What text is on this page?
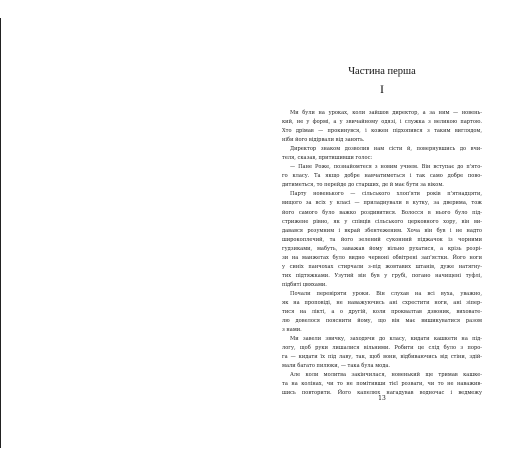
Частина перша
I
Ми були на уроках, коли зайшов директор, а за ним — новень-
кий, не у формі, а у звичайному одязі, і служка з великою партою.
Хто дрімав — прокинувся, і кожен підхопився з таким виглядом,
ніби його відірвали від занять.
Директор знаком дозволив нам сісти й, повернувшись до вчи-
теля, сказав, притишивши голос:
— Пане Роже, познайомтеся з новим учнем. Він вступає до п'ято-
го класу. Та якщо добре навчатиметься і так само добре пово-
дитиметься, то перейде до старших, де й має бути за віком.
Парту новенького — сільського хлоп'яти років п'ятнадцяти,
вищого за всіх у класі — приладнували в кутку, за дверима, тож
його самого було важко роздивитися. Волосся в нього було під-
стрижене рівно, як у співців сільського церковного хору, він ви-
давався розумним і вкрай збентеженим. Хоча він був і не надто
широкоплечий, та його зелений суконний піджачок із чорними
гудзиками, мабуть, заважав йому вільно рухатися, а крізь розрі-
зи на манжетах було видно червоні обвітрені зап'ястки. Його ноги
у синіх панчохах стирчали з-під жовтавих штанів, дуже натягну-
тих підтяжками. Узутий він був у грубі, погано начищені туфлі,
підбиті цвяхами.
Почали перевіряти уроки. Він слухав на всі вуха, уважно,
як на проповіді, не наважуючись ані схрестити ноги, ані зіпер-
тися на лікті, а о другій, коли проквалтав дзвоник, виховате-
лю довелося пояснити йому, що він має вишикуватися разом
з нами.
Ми завели звичку, заходячи до класу, кидати кашкети на під-
логу, щоб руки лишалися вільними. Робити це слід було з поро-
га — кидати їх під лаву, так, щоб вони, відбиваючись від стіни, здій-
мали багато пилюки, — така була мода.
Але коли молитва закінчилася, новенький ще тримав кашке-
та на колінах, чи то не помітивши тієї розваги, чи то не наважив-
шись повторити. Його капелюх нагадував водночас і ведмежу
13
